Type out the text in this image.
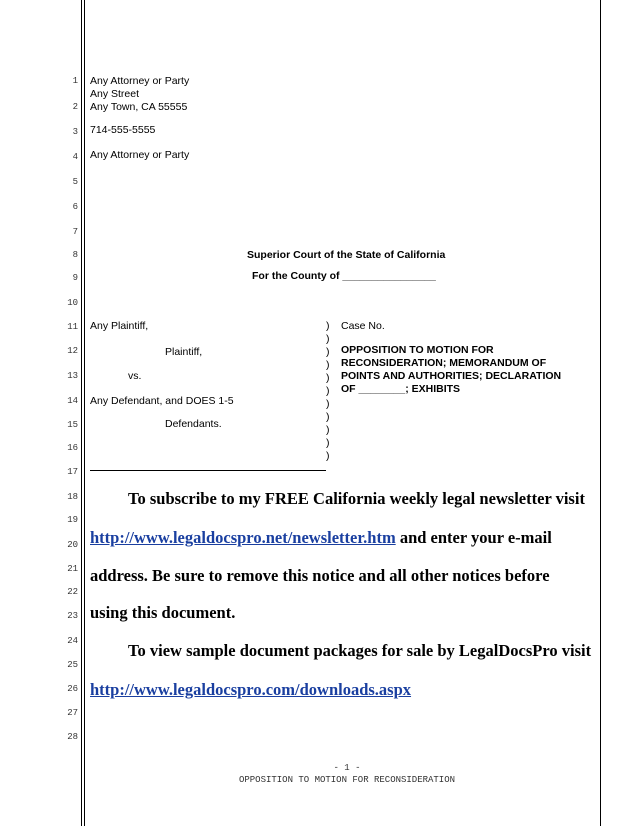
1
2
3
4
5
6
7
8
9
10
11
12
13
14
15
16
17
18
19
20
21
22
23
24
25
26
27
28
Any Attorney or Party
Any Street
Any Town, CA 55555
714-555-5555
Any Attorney or Party
Superior Court of the State of California
For the County of ________________
Any Plaintiff,
Plaintiff,
vs.
Any Defendant, and DOES 1-5
Defendants.
)
)
)
)
)
)
)
)
)
)
)
Case No.
OPPOSITION TO MOTION FOR
RECONSIDERATION; MEMORANDUM OF
POINTS AND AUTHORITIES; DECLARATION
OF ________; EXHIBITS
To subscribe to my FREE California weekly legal newsletter visit
http://www.legaldocspro.net/newsletter.htm and enter your e-mail
address. Be sure to remove this notice and all other notices before
using this document.
To view sample document packages for sale by LegalDocsPro visit
http://www.legaldocspro.com/downloads.aspx
- 1 -
OPPOSITION TO MOTION FOR RECONSIDERATION
